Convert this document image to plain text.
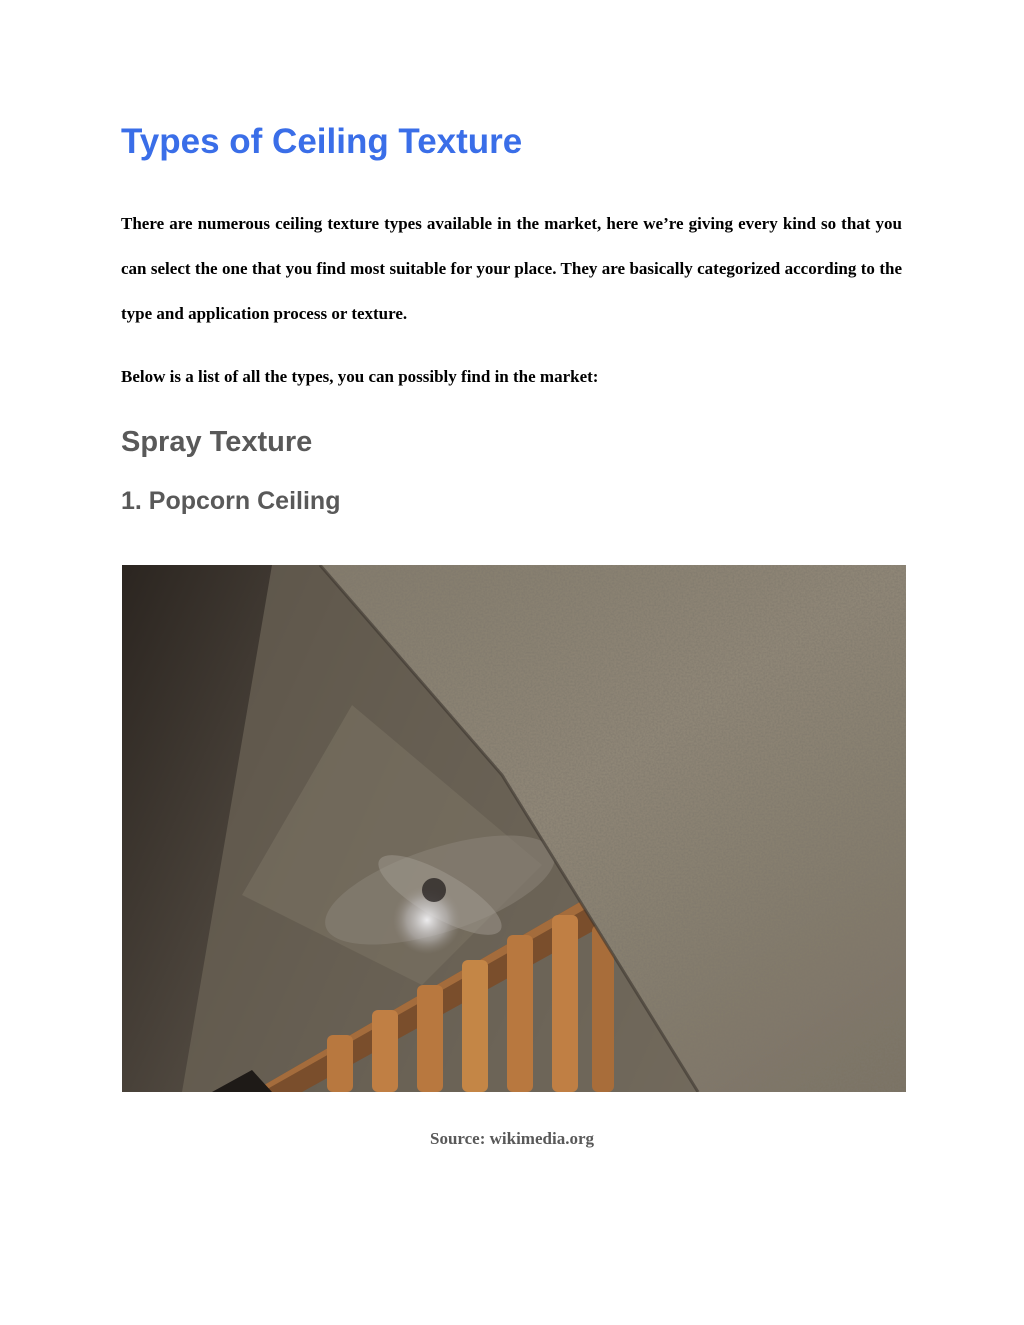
Types of Ceiling Texture

There are numerous ceiling texture types available in the market, here we’re giving every kind so that you can select the one that you find most suitable for your place. They are basically categorized according to the type and application process or texture.

Below is a list of all the types, you can possibly find in the market:

Spray Texture
1. Popcorn Ceiling

Source: wikimedia.org
